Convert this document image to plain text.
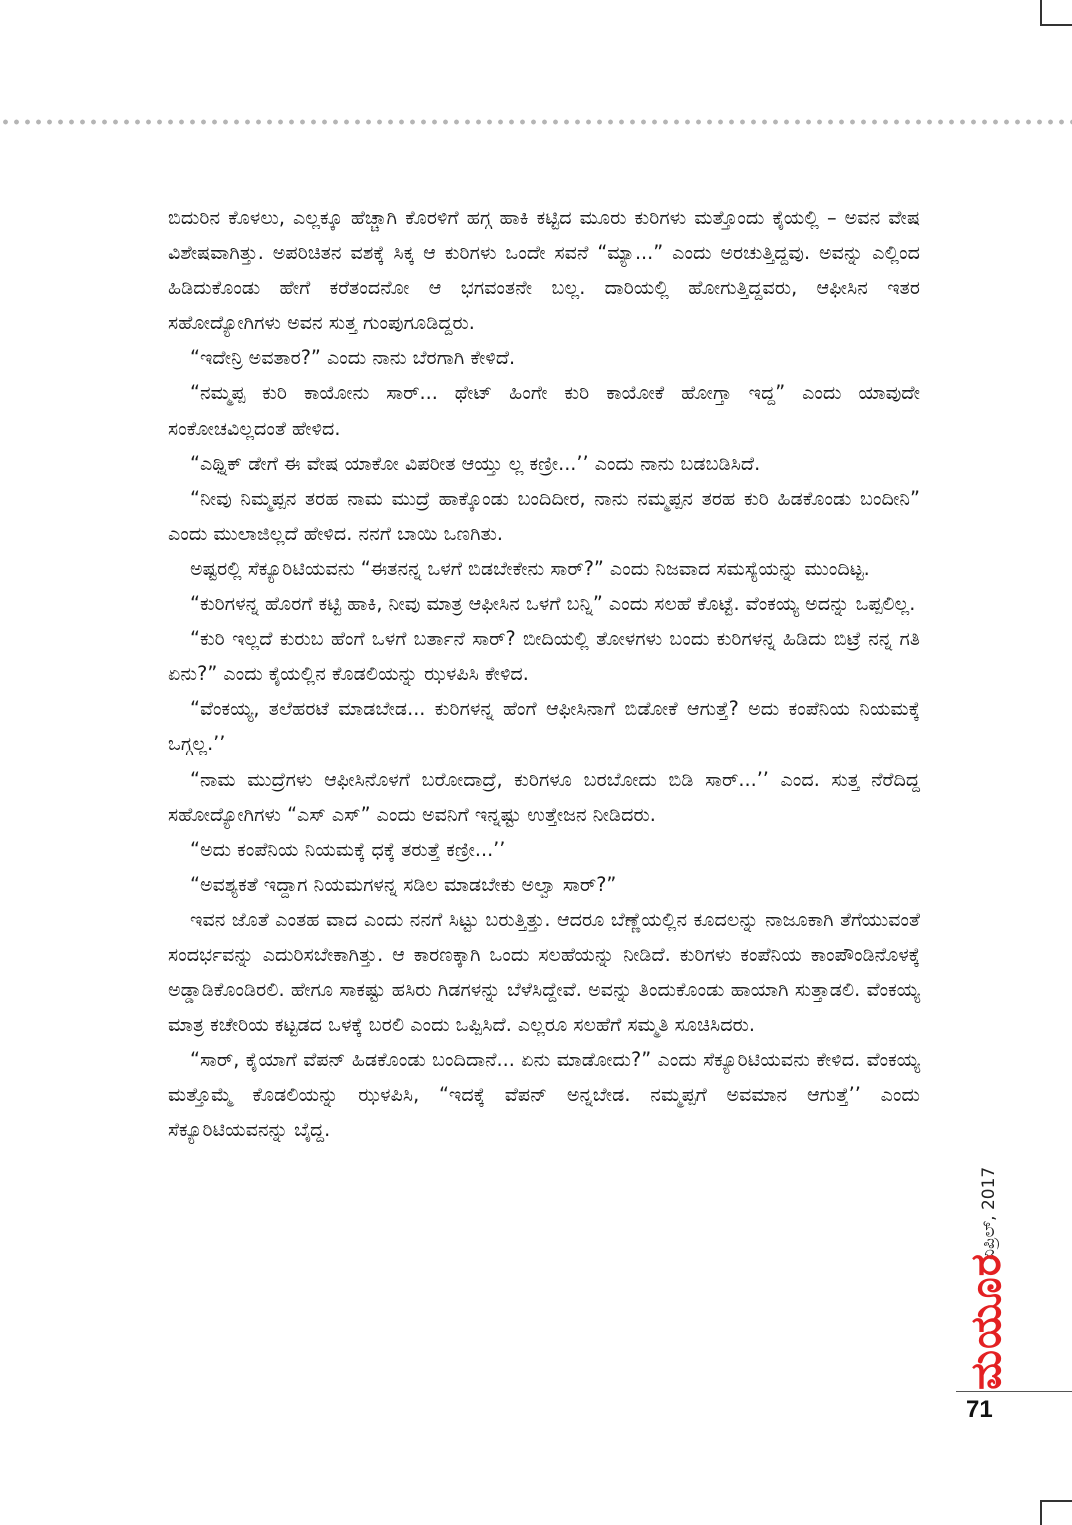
ಬಿದುರಿನ ಕೊಳಲು, ಎಲ್ಲಕ್ಕೂ ಹೆಚ್ಚಾಗಿ ಕೊರಳಿಗೆ ಹಗ್ಗ ಹಾಕಿ ಕಟ್ಟಿದ ಮೂರು ಕುರಿಗಳು ಮತ್ತೊಂದು ಕೈಯಲ್ಲಿ – ಅವನ ವೇಷ ವಿಶೇಷವಾಗಿತ್ತು. ಅಪರಿಚಿತನ ವಶಕ್ಕೆ ಸಿಕ್ಕ ಆ ಕುರಿಗಳು ಒಂದೇ ಸವನೆ “ಮ್ಯಾ...” ಎಂದು ಅರಚುತ್ತಿದ್ದವು. ಅವನ್ನು ಎಲ್ಲಿಂದ ಹಿಡಿದುಕೊಂಡು ಹೇಗೆ ಕರೆತಂದನೋ ಆ ಭಗವಂತನೇ ಬಲ್ಲ. ದಾರಿಯಲ್ಲಿ ಹೋಗುತ್ತಿದ್ದವರು, ಆಫೀಸಿನ ಇತರ ಸಹೋದ್ಯೋಗಿಗಳು ಅವನ ಸುತ್ತ ಗುಂಪುಗೂಡಿದ್ದರು.

“ಇದೇನ್ರಿ ಅವತಾರ?” ಎಂದು ನಾನು ಬೆರಗಾಗಿ ಕೇಳಿದೆ.

“ನಮ್ಮಪ್ಪ ಕುರಿ ಕಾಯೋನು ಸಾರ್... ಥೇಟ್ ಹಿಂಗೇ ಕುರಿ ಕಾಯೋಕೆ ಹೋಗ್ತಾ ಇದ್ದ” ಎಂದು ಯಾವುದೇ ಸಂಕೋಚವಿಲ್ಲದಂತೆ ಹೇಳಿದ.

“ಎಥ್ನಿಕ್ ಡೇಗೆ ಈ ವೇಷ ಯಾಕೋ ವಿಪರೀತ ಆಯ್ತು ಲ್ಲ ಕಣ್ರೀ...’’ ಎಂದು ನಾನು ಬಡಬಡಿಸಿದೆ.

“ನೀವು ನಿಮ್ಮಪ್ಪನ ತರಹ ನಾಮ ಮುದ್ರೆ ಹಾಕ್ಕೊಂಡು ಬಂದಿದೀರ, ನಾನು ನಮ್ಮಪ್ಪನ ತರಹ ಕುರಿ ಹಿಡಕೊಂಡು ಬಂದೀನಿ” ಎಂದು ಮುಲಾಜಿಲ್ಲದೆ ಹೇಳಿದ. ನನಗೆ ಬಾಯಿ ಒಣಗಿತು.

ಅಷ್ಟರಲ್ಲಿ ಸೆಕ್ಯೂರಿಟಿಯವನು “ಈತನನ್ನ ಒಳಗೆ ಬಿಡಬೇಕೇನು ಸಾರ್?” ಎಂದು ನಿಜವಾದ ಸಮಸ್ಯೆಯನ್ನು ಮುಂದಿಟ್ಟ.

“ಕುರಿಗಳನ್ನ ಹೊರಗೆ ಕಟ್ಟಿ ಹಾಕಿ, ನೀವು ಮಾತ್ರ ಆಫೀಸಿನ ಒಳಗೆ ಬನ್ನಿ” ಎಂದು ಸಲಹೆ ಕೊಟ್ಟೆ. ವೆಂಕಯ್ಯ ಅದನ್ನು ಒಪ್ಪಲಿಲ್ಲ.

“ಕುರಿ ಇಲ್ಲದೆ ಕುರುಬ ಹೆಂಗೆ ಒಳಗೆ ಬರ್ತಾನೆ ಸಾರ್? ಬೀದಿಯಲ್ಲಿ ತೋಳಗಳು ಬಂದು ಕುರಿಗಳನ್ನ ಹಿಡಿದು ಬಿಟ್ರೆ ನನ್ನ ಗತಿ ಏನು?” ಎಂದು ಕೈಯಲ್ಲಿನ ಕೊಡಲಿಯನ್ನು ಝಳಪಿಸಿ ಕೇಳಿದ.

“ವೆಂಕಯ್ಯ, ತಲೆಹರಟೆ ಮಾಡಬೇಡ... ಕುರಿಗಳನ್ನ ಹೆಂಗೆ ಆಫೀಸಿನಾಗೆ ಬಿಡೋಕೆ ಆಗುತ್ತೆ? ಅದು ಕಂಪೆನಿಯ ನಿಯಮಕ್ಕೆ ಒಗ್ಗಲ್ಲ.’’

“ನಾಮ ಮುದ್ರೆಗಳು ಆಫೀಸಿನೊಳಗೆ ಬರೋದಾದ್ರೆ, ಕುರಿಗಳೂ ಬರಬೋದು ಬಿಡಿ ಸಾರ್...’’ ಎಂದ. ಸುತ್ತ ನೆರೆದಿದ್ದ ಸಹೋದ್ಯೋಗಿಗಳು “ಎಸ್ ಎಸ್” ಎಂದು ಅವನಿಗೆ ಇನ್ನಷ್ಟು ಉತ್ತೇಜನ ನೀಡಿದರು.

“ಅದು ಕಂಪೆನಿಯ ನಿಯಮಕ್ಕೆ ಧಕ್ಕೆ ತರುತ್ತೆ ಕಣ್ರೀ...’’

“ಅವಶ್ಯಕತೆ ಇದ್ದಾಗ ನಿಯಮಗಳನ್ನ ಸಡಿಲ ಮಾಡಬೇಕು ಅಲ್ವಾ ಸಾರ್?”

ಇವನ ಜೊತೆ ಎಂತಹ ವಾದ ಎಂದು ನನಗೆ ಸಿಟ್ಟು ಬರುತ್ತಿತ್ತು. ಆದರೂ ಬೆಣ್ಣೆಯಲ್ಲಿನ ಕೂದಲನ್ನು ನಾಜೂಕಾಗಿ ತೆಗೆಯುವಂತೆ ಸಂದರ್ಭವನ್ನು ಎದುರಿಸಬೇಕಾಗಿತ್ತು. ಆ ಕಾರಣಕ್ಕಾಗಿ ಒಂದು ಸಲಹೆಯನ್ನು ನೀಡಿದೆ. ಕುರಿಗಳು ಕಂಪೆನಿಯ ಕಾಂಪೌಂಡಿನೊಳಕ್ಕೆ ಅಡ್ಡಾಡಿಕೊಂಡಿರಲಿ. ಹೇಗೂ ಸಾಕಷ್ಟು ಹಸಿರು ಗಿಡಗಳನ್ನು ಬೆಳೆಸಿದ್ದೇವೆ. ಅವನ್ನು ತಿಂದುಕೊಂಡು ಹಾಯಾಗಿ ಸುತ್ತಾಡಲಿ. ವೆಂಕಯ್ಯ ಮಾತ್ರ ಕಚೇರಿಯ ಕಟ್ಟಡದ ಒಳಕ್ಕೆ ಬರಲಿ ಎಂದು ಒಪ್ಪಿಸಿದೆ. ಎಲ್ಲರೂ ಸಲಹೆಗೆ ಸಮ್ಮತಿ ಸೂಚಿಸಿದರು.

“ಸಾರ್, ಕೈಯಾಗೆ ವೆಪನ್ ಹಿಡಕೊಂಡು ಬಂದಿದಾನೆ... ಏನು ಮಾಡೋದು?” ಎಂದು ಸೆಕ್ಯೂರಿಟಿಯವನು ಕೇಳಿದ. ವೆಂಕಯ್ಯ ಮತ್ತೊಮ್ಮೆ ಕೊಡಲಿಯನ್ನು ಝಳಪಿಸಿ, “ಇದಕ್ಕೆ ವೆಪನ್ ಅನ್ನಬೇಡ. ನಮ್ಮಪ್ಪಗೆ ಅವಮಾನ ಆಗುತ್ತೆ’’ ಎಂದು ಸೆಕ್ಯೂರಿಟಿಯವನನ್ನು ಬೈದ್ದ.

ಏಪ್ರಿಲ್, 2017
ಮಯೂರ
71
